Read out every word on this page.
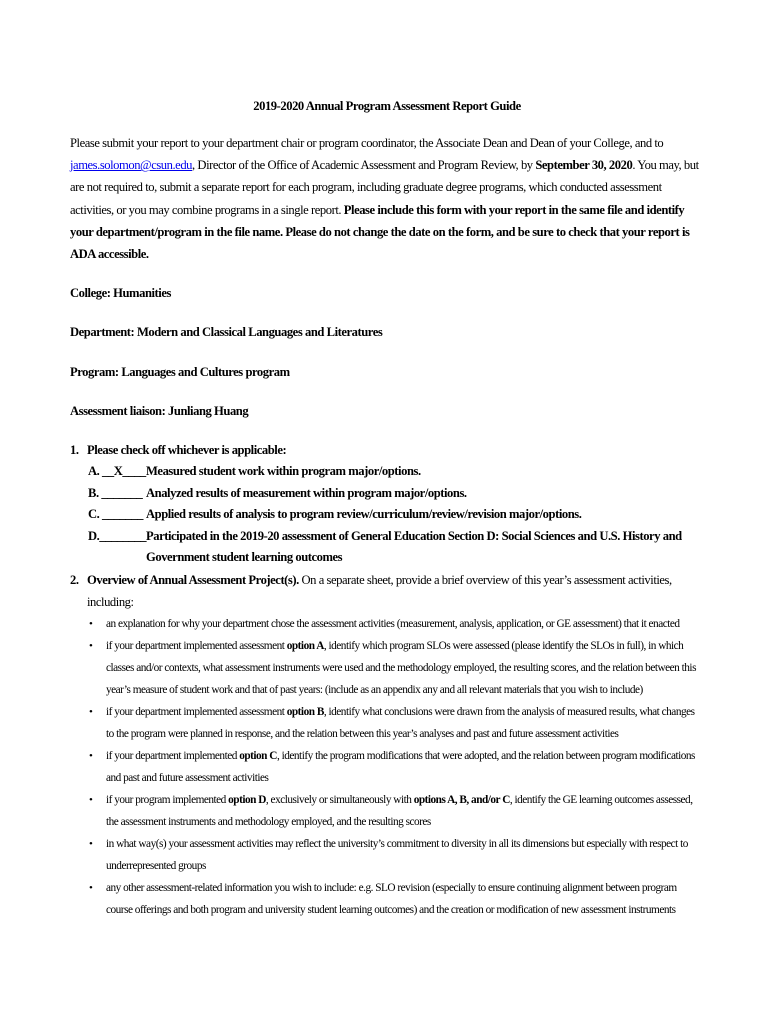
2019-2020 Annual Program Assessment Report Guide

Please submit your report to your department chair or program coordinator, the Associate Dean and Dean of your College, and to james.solomon@csun.edu, Director of the Office of Academic Assessment and Program Review, by September 30, 2020. You may, but are not required to, submit a separate report for each program, including graduate degree programs, which conducted assessment activities, or you may combine programs in a single report. Please include this form with your report in the same file and identify your department/program in the file name. Please do not change the date on the form, and be sure to check that your report is ADA accessible.

College: Humanities

Department: Modern and Classical Languages and Literatures

Program: Languages and Cultures program

Assessment liaison: Junliang Huang

1. Please check off whichever is applicable:
A. __X____ Measured student work within program major/options.
B. _______ Analyzed results of measurement within program major/options.
C. _______ Applied results of analysis to program review/curriculum/review/revision major/options.
D.________ Participated in the 2019-20 assessment of General Education Section D: Social Sciences and U.S. History and Government student learning outcomes
2. Overview of Annual Assessment Project(s). On a separate sheet, provide a brief overview of this year’s assessment activities, including:
• an explanation for why your department chose the assessment activities (measurement, analysis, application, or GE assessment) that it enacted
• if your department implemented assessment option A, identify which program SLOs were assessed (please identify the SLOs in full), in which classes and/or contexts, what assessment instruments were used and the methodology employed, the resulting scores, and the relation between this year’s measure of student work and that of past years: (include as an appendix any and all relevant materials that you wish to include)
• if your department implemented assessment option B, identify what conclusions were drawn from the analysis of measured results, what changes to the program were planned in response, and the relation between this year’s analyses and past and future assessment activities
• if your department implemented option C, identify the program modifications that were adopted, and the relation between program modifications and past and future assessment activities
• if your program implemented option D, exclusively or simultaneously with options A, B, and/or C, identify the GE learning outcomes assessed, the assessment instruments and methodology employed, and the resulting scores
• in what way(s) your assessment activities may reflect the university’s commitment to diversity in all its dimensions but especially with respect to underrepresented groups
• any other assessment-related information you wish to include: e.g. SLO revision (especially to ensure continuing alignment between program course offerings and both program and university student learning outcomes) and the creation or modification of new assessment instruments
